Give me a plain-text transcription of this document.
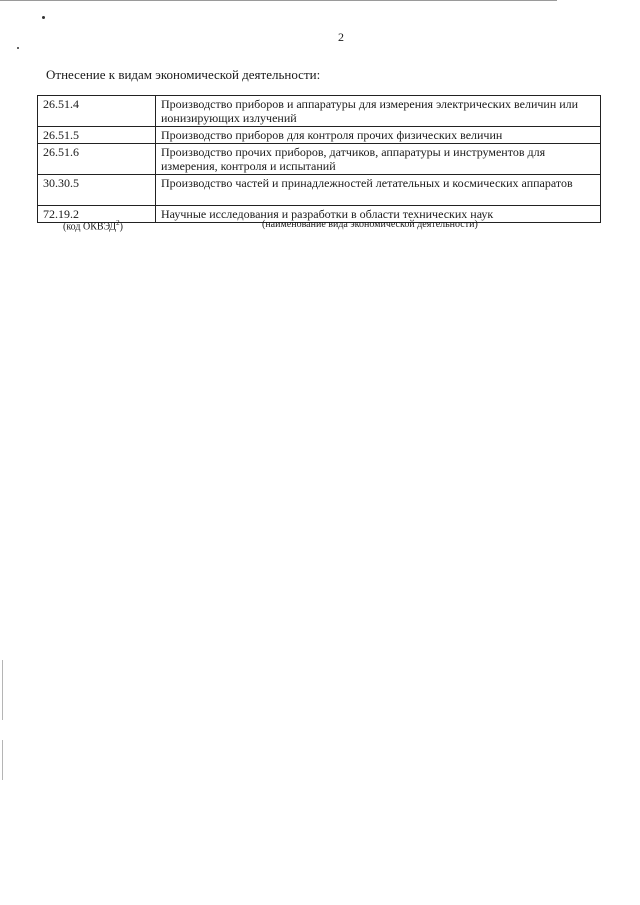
2
Отнесение к видам экономической деятельности:
26.51.4	Производство приборов и аппаратуры для измерения электрических величин или ионизирующих излучений
26.51.5	Производство приборов для контроля прочих физических величин
26.51.6	Производство прочих приборов, датчиков, аппаратуры и инструментов для измерения, контроля и испытаний
30.30.5	Производство частей и принадлежностей летательных и космических аппаратов
72.19.2	Научные исследования и разработки в области технических наук
(код ОКВЭД$^2$)	(наименование вида экономической деятельности)
